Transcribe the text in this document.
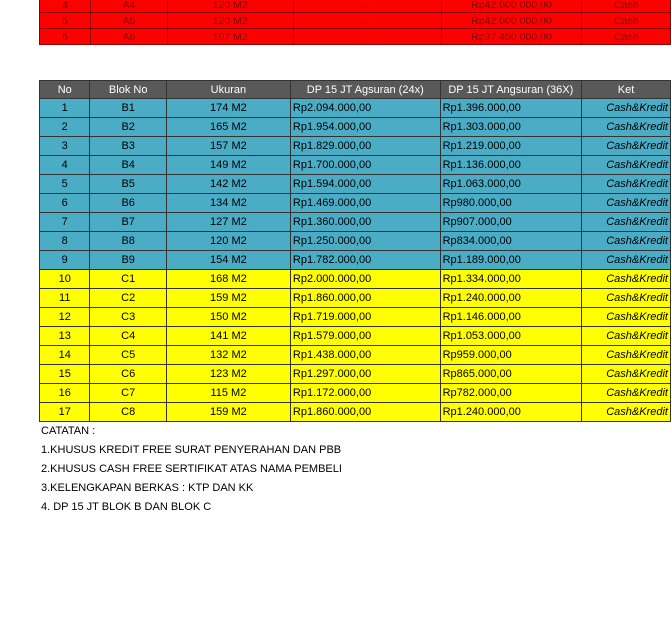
4	A4	120 M2	-	Rp42.000.000,00	Cash
5	A5	120 M2	-	Rp42.000.000,00	Cash
6	A6	107 M2	-	Rp37.450.000,00	Cash
No	Blok No	Ukuran	DP 15 JT Agsuran (24x)	DP 15 JT Angsuran (36X)	Ket
1	B1	174 M2	Rp2.094.000,00	Rp1.396.000,00	Cash&Kredit
2	B2	165 M2	Rp1.954.000,00	Rp1.303.000,00	Cash&Kredit
3	B3	157 M2	Rp1.829.000,00	Rp1.219.000,00	Cash&Kredit
4	B4	149 M2	Rp1.700.000,00	Rp1.136.000,00	Cash&Kredit
5	B5	142 M2	Rp1.594.000,00	Rp1.063.000,00	Cash&Kredit
6	B6	134 M2	Rp1.469.000,00	Rp980.000,00	Cash&Kredit
7	B7	127 M2	Rp1.360.000,00	Rp907.000,00	Cash&Kredit
8	B8	120 M2	Rp1.250.000,00	Rp834.000,00	Cash&Kredit
9	B9	154 M2	Rp1.782.000,00	Rp1.189.000,00	Cash&Kredit
10	C1	168 M2	Rp2.000.000,00	Rp1.334.000,00	Cash&Kredit
11	C2	159 M2	Rp1.860.000,00	Rp1.240.000,00	Cash&Kredit
12	C3	150 M2	Rp1.719.000,00	Rp1.146.000,00	Cash&Kredit
13	C4	141 M2	Rp1.579.000,00	Rp1.053.000,00	Cash&Kredit
14	C5	132 M2	Rp1.438.000,00	Rp959.000,00	Cash&Kredit
15	C6	123 M2	Rp1.297.000,00	Rp865.000,00	Cash&Kredit
16	C7	115 M2	Rp1.172.000,00	Rp782.000,00	Cash&Kredit
17	C8	159 M2	Rp1.860.000,00	Rp1.240.000,00	Cash&Kredit
CATATAN :
1.KHUSUS KREDIT FREE SURAT PENYERAHAN DAN PBB
2.KHUSUS CASH FREE SERTIFIKAT ATAS NAMA PEMBELI
3.KELENGKAPAN BERKAS : KTP DAN KK
4. DP 15 JT BLOK B DAN BLOK C
